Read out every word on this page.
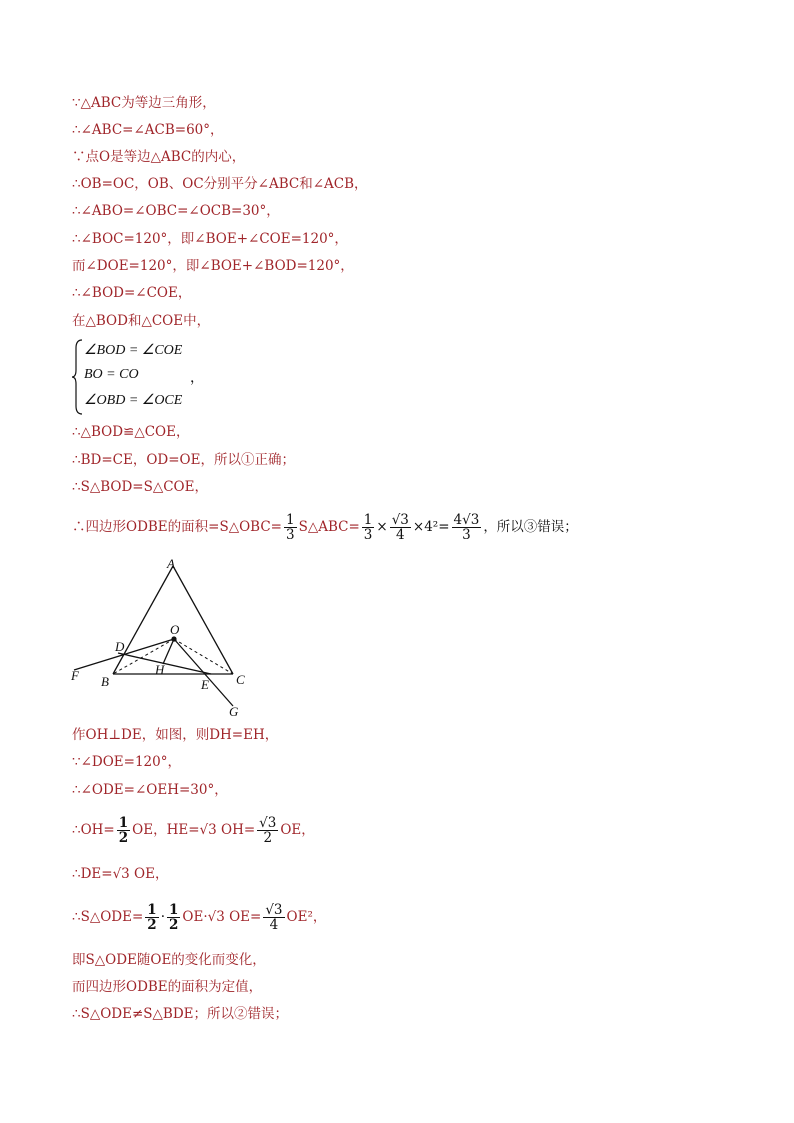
∵△ABC为等边三角形，
∴∠ABC=∠ACB=60°，
∵点O是等边△ABC的内心，
∴OB=OC，OB、OC分别平分∠ABC和∠ACB，
∴∠ABO=∠OBC=∠OCB=30°，
∴∠BOC=120°，即∠BOE+∠COE=120°，
而∠DOE=120°，即∠BOE+∠BOD=120°，
∴∠BOD=∠COE，
在△BOD和△COE中，
∠BOD = ∠COE
BO = CO	，
∠OBD = ∠OCE
∴△BOD≌△COE，
∴BD=CE，OD=OE，所以①正确；
∴S△BOD=S△COE，
∴四边形ODBE的面积=S△OBC= $\frac{1}{3}$ S△ABC= $\frac{1}{3} \times \frac{√3}{4} \times 4^2= \frac{4√3}{3}$ ，所以③错误；
A
O
D
H
F B	E C
G
作OH⊥DE，如图，则DH=EH，
∵∠DOE=120°，
∴∠ODE=∠OEH=30°，
∴OH= $\frac{1}{2}$ OE，HE=√3 $OH= \frac{√3}{2}$ OE，
∴DE=√3 OE，
∴S△ODE= $\frac{1}{2} \cdot \frac{1}{2} OE\cdot√3$ $OE= \frac{√3}{4} OE^2$，
即S△ODE随OE的变化而变化，
而四边形ODBE的面积为定值，
∴S△ODE≠S△BDE；所以②错误；
